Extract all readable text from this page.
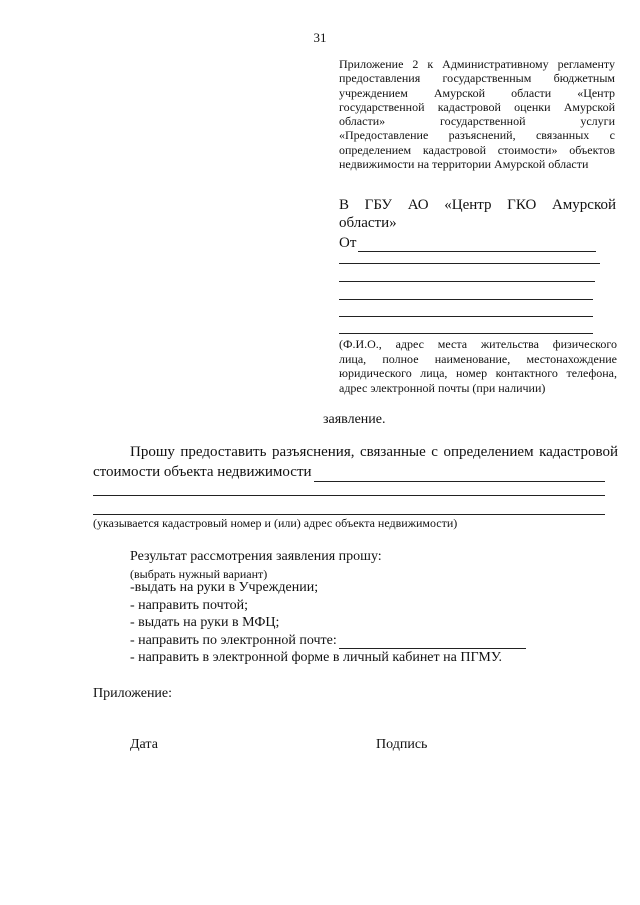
31

Приложение 2 к Административному регламенту

предоставления государственным бюджетным

учреждением Амурской области «Центр

государственной кадастровой оценки Амурской

области» государственной услуги

«Предоставление разъяснений, связанных с

определением кадастровой стоимости» объектов

недвижимости на территории Амурской области

В ГБУ АО «Центр ГКО Амурской
области»
От
(Ф.И.О., адрес места жительства физического
лица, полное наименование, местонахождение
юридического лица, номер контактного телефона,
адрес электронной почты (при наличии)
заявление.
Прошу предоставить разъяснения, связанные с определением кадастровой
стоимости объекта недвижимости
(указывается кадастровый номер и (или) адрес объекта недвижимости)
Результат рассмотрения заявления прошу:
(выбрать нужный вариант)
-выдать на руки в Учреждении;
- направить почтой;
- выдать на руки в МФЦ;
- направить по электронной почте:
- направить в электронной форме в личный кабинет на ПГМУ.
Приложение:
Дата	Подпись
